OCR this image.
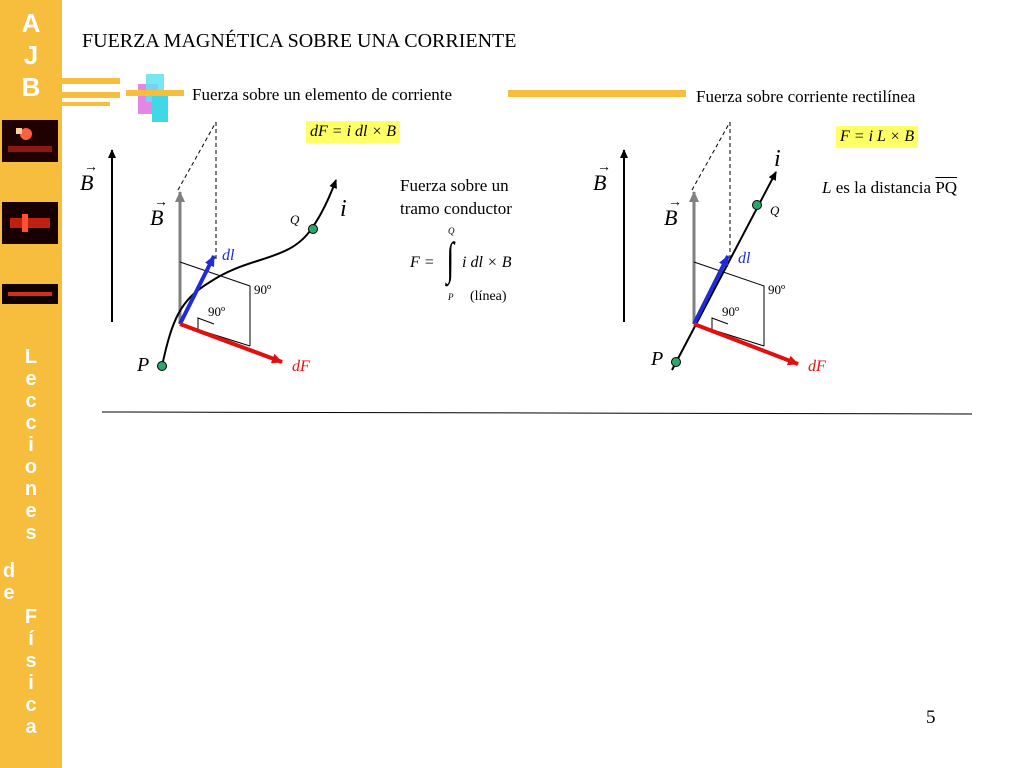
A
J
B
L
e
c
c
i
o
n
e
s
d
e
F
í
s
i
c
a
FUERZA MAGNÉTICA SOBRE UNA CORRIENTE
Fuerza sobre un elemento de corriente	Fuerza sobre corriente rectilínea
dF = i dl × B	F = i L × B
L es la distancia $\overline{PQ}$
Fuerza sobre un
tramo conductor
F = ∫
Q
P
i dl × B
(línea)
B
→
B
→	i
Q
P
dl
dF
90º
90º
B
→
B
→
i
Q
P
dl
dF
90º
90º
5
